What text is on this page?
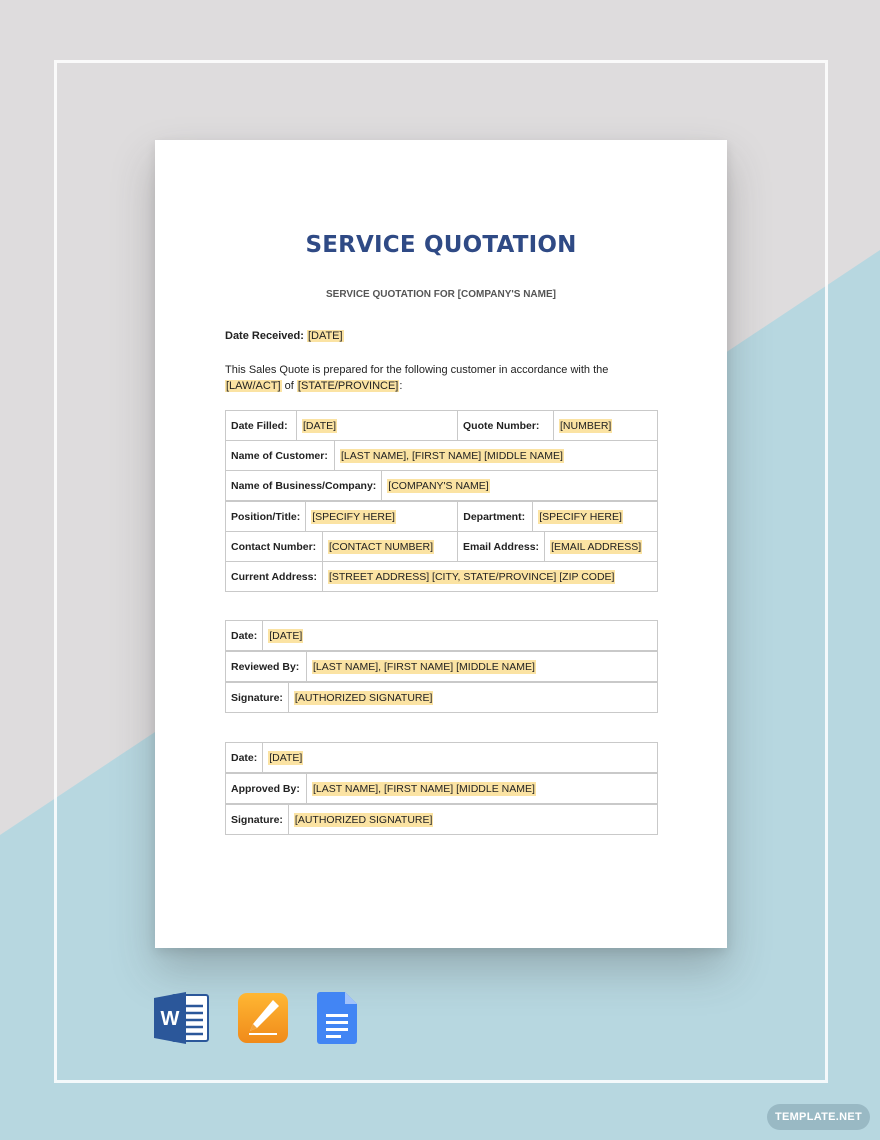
SERVICE QUOTATION
SERVICE QUOTATION FOR [COMPANY'S NAME]
Date Received: [DATE]
This Sales Quote is prepared for the following customer in accordance with the
[LAW/ACT] of [STATE/PROVINCE]:
Date Filled:	[DATE]	Quote Number:	[NUMBER]
Name of Customer:	[LAST NAME], [FIRST NAME] [MIDDLE NAME]
Name of Business/Company:	[COMPANY'S NAME]
Position/Title:	[SPECIFY HERE]	Department:	[SPECIFY HERE]
Contact Number:	[CONTACT NUMBER]	Email Address:	[EMAIL ADDRESS]
Current Address:	[STREET ADDRESS] [CITY, STATE/PROVINCE] [ZIP CODE]
Date:	[DATE]
Reviewed By:	[LAST NAME], [FIRST NAME] [MIDDLE NAME]
Signature:	[AUTHORIZED SIGNATURE]
Date:	[DATE]
Approved By:	[LAST NAME], [FIRST NAME] [MIDDLE NAME]
Signature:	[AUTHORIZED SIGNATURE]
W
TEMPLATE.NET
